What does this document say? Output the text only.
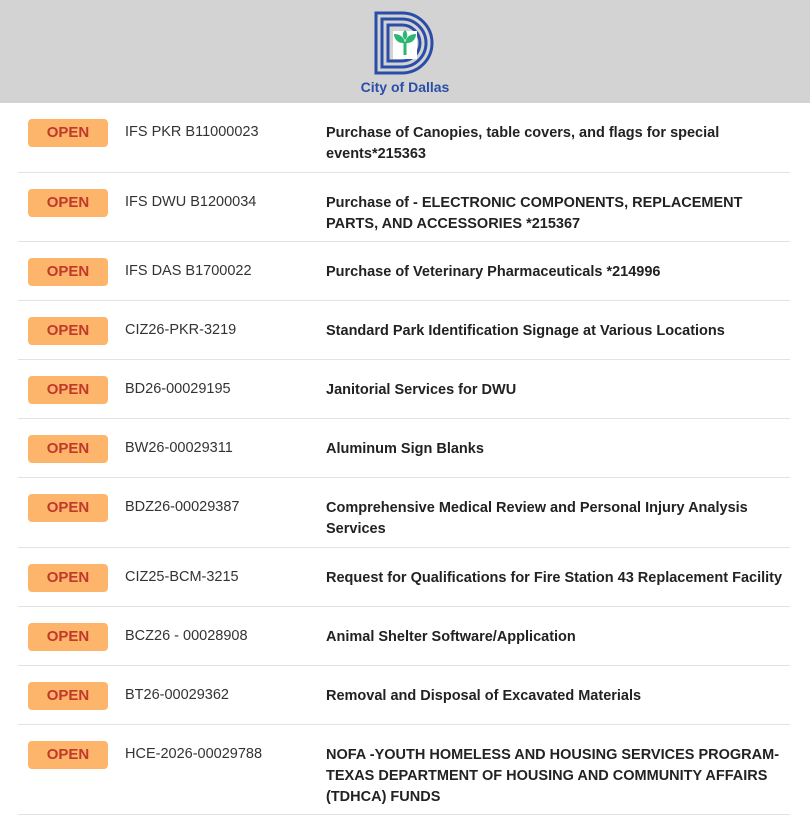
City of Dallas
OPEN	IFS PKR B11000023	Purchase of Canopies, table covers, and flags for special events*215363
OPEN	IFS DWU B1200034	Purchase of - ELECTRONIC COMPONENTS, REPLACEMENT PARTS, AND ACCESSORIES *215367
OPEN	IFS DAS B1700022	Purchase of Veterinary Pharmaceuticals *214996
OPEN	CIZ26-PKR-3219	Standard Park Identification Signage at Various Locations
OPEN	BD26-00029195	Janitorial Services for DWU
OPEN	BW26-00029311	Aluminum Sign Blanks
OPEN	BDZ26-00029387	Comprehensive Medical Review and Personal Injury Analysis Services
OPEN	CIZ25-BCM-3215	Request for Qualifications for Fire Station 43 Replacement Facility
OPEN	BCZ26 - 00028908	Animal Shelter Software/Application
OPEN	BT26-00029362	Removal and Disposal of Excavated Materials
OPEN	HCE-2026-00029788	NOFA -YOUTH HOMELESS AND HOUSING SERVICES PROGRAM- TEXAS DEPARTMENT OF HOUSING AND COMMUNITY AFFAIRS (TDHCA) FUNDS
